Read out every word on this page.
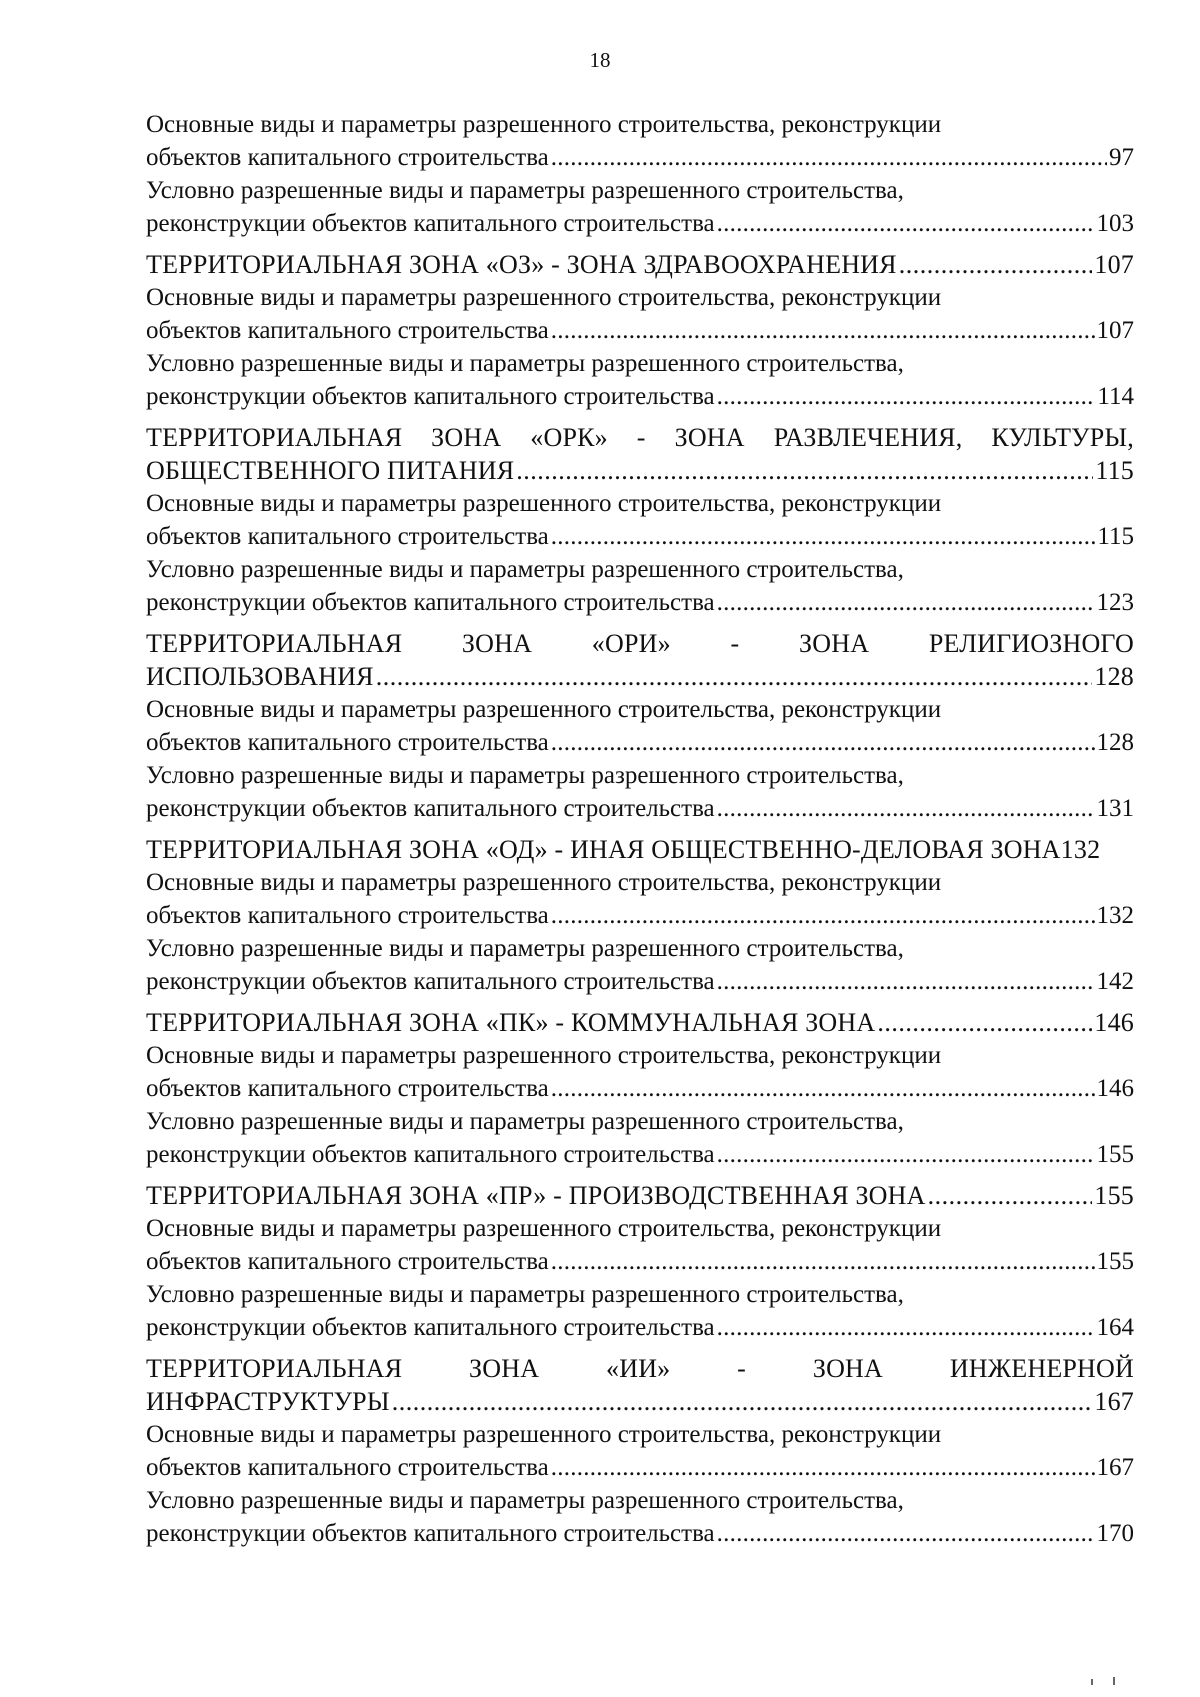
18
Основные виды и параметры разрешенного строительства, реконструкции
объектов капитального строительства . . .	97
Условно разрешенные виды и параметры разрешенного строительства,
реконструкции объектов капитального строительства . . .	103
ТЕРРИТОРИАЛЬНАЯ ЗОНА «ОЗ» - ЗОНА ЗДРАВООХРАНЕНИЯ . . .	107
Основные виды и параметры разрешенного строительства, реконструкции
объектов капитального строительства . . .	107
Условно разрешенные виды и параметры разрешенного строительства,
реконструкции объектов капитального строительства . . .	114
ТЕРРИТОРИАЛЬНАЯ ЗОНА «ОРК» - ЗОНА РАЗВЛЕЧЕНИЯ, КУЛЬТУРЫ,
ОБЩЕСТВЕННОГО ПИТАНИЯ . . .	115
Основные виды и параметры разрешенного строительства, реконструкции
объектов капитального строительства . . .	115
Условно разрешенные виды и параметры разрешенного строительства,
реконструкции объектов капитального строительства . . .	123
ТЕРРИТОРИАЛЬНАЯ ЗОНА «ОРИ» - ЗОНА РЕЛИГИОЗНОГО
ИСПОЛЬЗОВАНИЯ . . .	128
Основные виды и параметры разрешенного строительства, реконструкции
объектов капитального строительства . . .	128
Условно разрешенные виды и параметры разрешенного строительства,
реконструкции объектов капитального строительства . . .	131
ТЕРРИТОРИАЛЬНАЯ ЗОНА «ОД» - ИНАЯ ОБЩЕСТВЕННО-ДЕЛОВАЯ ЗОНА 132
Основные виды и параметры разрешенного строительства, реконструкции
объектов капитального строительства . . .	132
Условно разрешенные виды и параметры разрешенного строительства,
реконструкции объектов капитального строительства . . .	142
ТЕРРИТОРИАЛЬНАЯ ЗОНА «ПК» - КОММУНАЛЬНАЯ ЗОНА . . .	146
Основные виды и параметры разрешенного строительства, реконструкции
объектов капитального строительства . . .	146
Условно разрешенные виды и параметры разрешенного строительства,
реконструкции объектов капитального строительства . . .	155
ТЕРРИТОРИАЛЬНАЯ ЗОНА «ПР» - ПРОИЗВОДСТВЕННАЯ ЗОНА . . .	155
Основные виды и параметры разрешенного строительства, реконструкции
объектов капитального строительства . . .	155
Условно разрешенные виды и параметры разрешенного строительства,
реконструкции объектов капитального строительства . . .	164
ТЕРРИТОРИАЛЬНАЯ ЗОНА «ИИ» - ЗОНА ИНЖЕНЕРНОЙ
ИНФРАСТРУКТУРЫ . . .	167
Основные виды и параметры разрешенного строительства, реконструкции
объектов капитального строительства . . .	167
Условно разрешенные виды и параметры разрешенного строительства,
реконструкции объектов капитального строительства . . .	170
